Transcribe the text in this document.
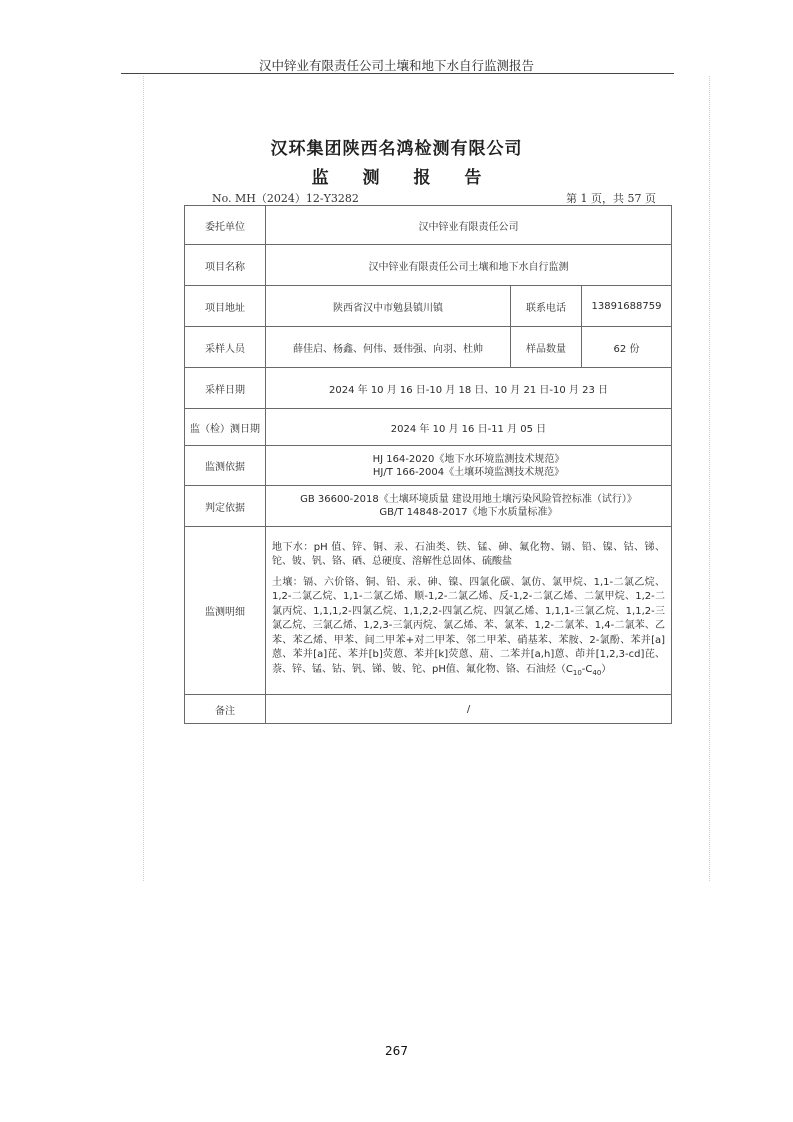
汉中锌业有限责任公司土壤和地下水自行监测报告
汉环集团陕西名鸿检测有限公司
监 测 报 告
No. MH（2024）12-Y3282	第 1 页，共 57 页
委托单位	汉中锌业有限责任公司		
项目名称	汉中锌业有限责任公司土壤和地下水自行监测		
项目地址	陕西省汉中市勉县镇川镇	联系电话	13891688759
采样人员	薛佳启、杨鑫、何伟、聂伟强、向羽、杜帅	样品数量	62 份
采样日期	2024 年 10 月 16 日-10 月 18 日、10 月 21 日-10 月 23 日		
监（检）测日期	2024 年 10 月 16 日-11 月 05 日		
监测依据	HJ 164-2020《地下水环境监测技术规范》
HJ/T 166-2004《土壤环境监测技术规范》		

判定依据	GB 36600-2018《土壤环境质量 建设用地土壤污染风险管控标准（试行）》
GB/T 14848-2017《地下水质量标准》		

监测明细	地下水：pH 值、锌、铜、汞、石油类、铁、锰、砷、氟化物、镉、铅、镍、钴、锑、铊、铍、钒、铬、硒、总硬度、溶解性总固体、硫酸盐
土壤：镉、六价铬、铜、铅、汞、砷、镍、四氯化碳、氯仿、氯甲烷、1,1-二氯乙烷、1,2-二氯乙烷、1,1-二氯乙烯、顺-1,2-二氯乙烯、反-1,2-二氯乙烯、二氯甲烷、1,2-二氯丙烷、1,1,1,2-四氯乙烷、1,1,2,2-四氯乙烷、四氯乙烯、1,1,1-三氯乙烷、1,1,2-三氯乙烷、三氯乙烯、1,2,3-三氯丙烷、氯乙烯、苯、氯苯、1,2-二氯苯、1,4-二氯苯、乙苯、苯乙烯、甲苯、间二甲苯+对二甲苯、邻二甲苯、硝基苯、苯胺、2-氯酚、苯并[a]蒽、苯并[a]芘、苯并[b]荧蒽、苯并[k]荧蒽、䓛、二苯并[a,h]蒽、茚并[1,2,3-cd]芘、萘、锌、锰、钴、钒、锑、铍、铊、pH值、氟化物、铬、石油烃$(C_{10}-C_{40})$		

备注	/		
267
